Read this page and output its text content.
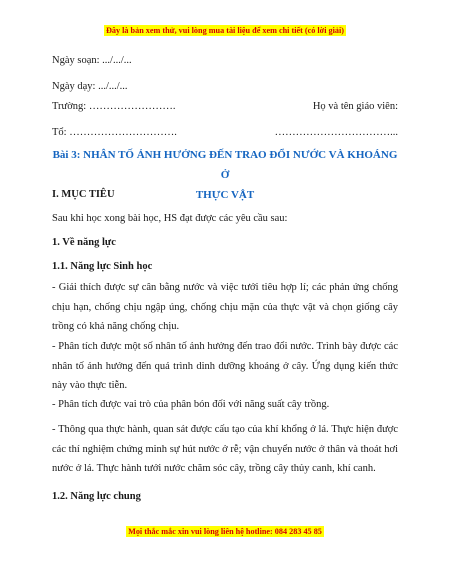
Đây là bản xem thử, vui lòng mua tài liệu để xem chi tiết (có lời giải)
Ngày soạn: .../.../...
Ngày dạy: .../.../...
Trường: …………………….	Họ và tên giáo viên:
Tổ: ………………………….	……………………………...
Bài 3: NHÂN TỐ ẢNH HƯỞNG ĐẾN TRAO ĐỔI NƯỚC VÀ KHOÁNG Ở
THỰC VẬT
I. MỤC TIÊU
Sau khi học xong bài học, HS đạt được các yêu cầu sau:
1. Về năng lực
1.1. Năng lực Sinh học
- Giải thích được sự cân bằng nước và việc tưới tiêu hợp lí; các phản ứng chống chịu hạn, chống chịu ngập úng, chống chịu mặn của thực vật và chọn giống cây trồng có khả năng chống chịu.
- Phân tích được một số nhân tố ảnh hưởng đến trao đổi nước. Trình bày được các nhân tố ảnh hưởng đến quá trình dinh dưỡng khoáng ở cây. Ứng dụng kiến thức này vào thực tiễn.
- Phân tích được vai trò của phân bón đối với năng suất cây trồng.
- Thông qua thực hành, quan sát được cấu tạo của khí khổng ở lá. Thực hiện được các thí nghiệm chứng minh sự hút nước ở rễ; vận chuyển nước ở thân và thoát hơi nước ở lá. Thực hành tưới nước chăm sóc cây, trồng cây thủy canh, khí canh.
1.2. Năng lực chung
Mọi thắc mắc xin vui lòng liên hệ hotline: 084 283 45 85
